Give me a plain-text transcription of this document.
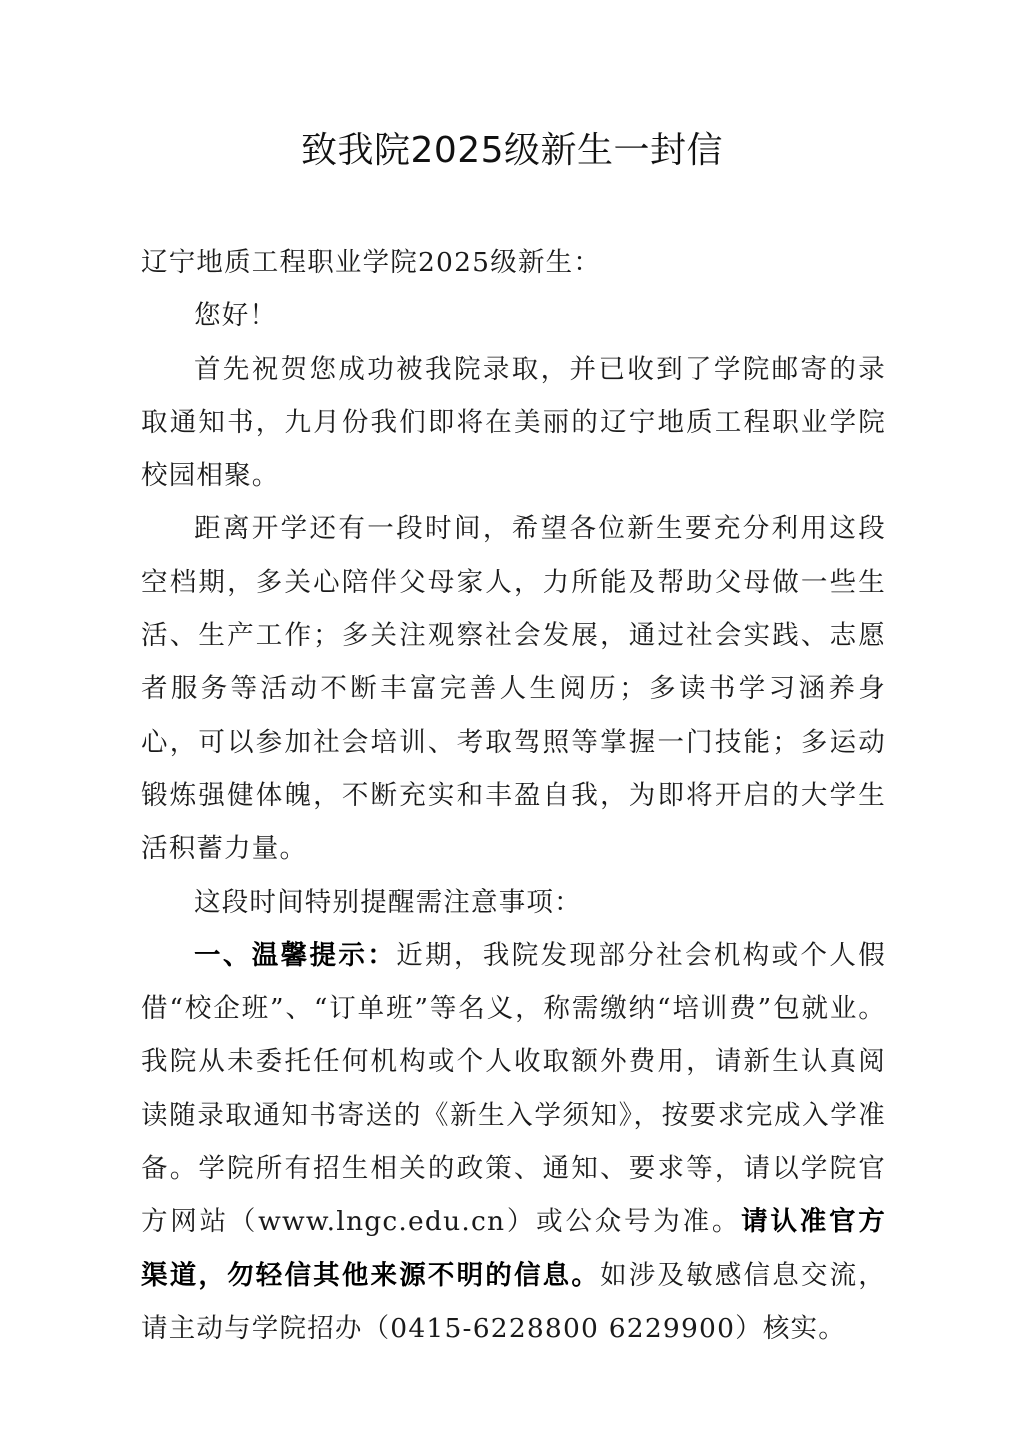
致我院2025级新生一封信

辽宁地质工程职业学院2025级新生：

您好！

首先祝贺您成功被我院录取，并已收到了学院邮寄的录取通知书，九月份我们即将在美丽的辽宁地质工程职业学院校园相聚。

距离开学还有一段时间，希望各位新生要充分利用这段空档期，多关心陪伴父母家人，力所能及帮助父母做一些生活、生产工作；多关注观察社会发展，通过社会实践、志愿者服务等活动不断丰富完善人生阅历；多读书学习涵养身心，可以参加社会培训、考取驾照等掌握一门技能；多运动锻炼强健体魄，不断充实和丰盈自我，为即将开启的大学生活积蓄力量。

这段时间特别提醒需注意事项：

一、温馨提示：近期，我院发现部分社会机构或个人假借“校企班”、“订单班”等名义，称需缴纳“培训费”包就业。我院从未委托任何机构或个人收取额外费用，请新生认真阅读随录取通知书寄送的《新生入学须知》，按要求完成入学准备。学院所有招生相关的政策、通知、要求等，请以学院官方网站（www.lngc.edu.cn）或公众号为准。请认准官方渠道，勿轻信其他来源不明的信息。如涉及敏感信息交流，请主动与学院招办（0415-6228800 6229900）核实。
